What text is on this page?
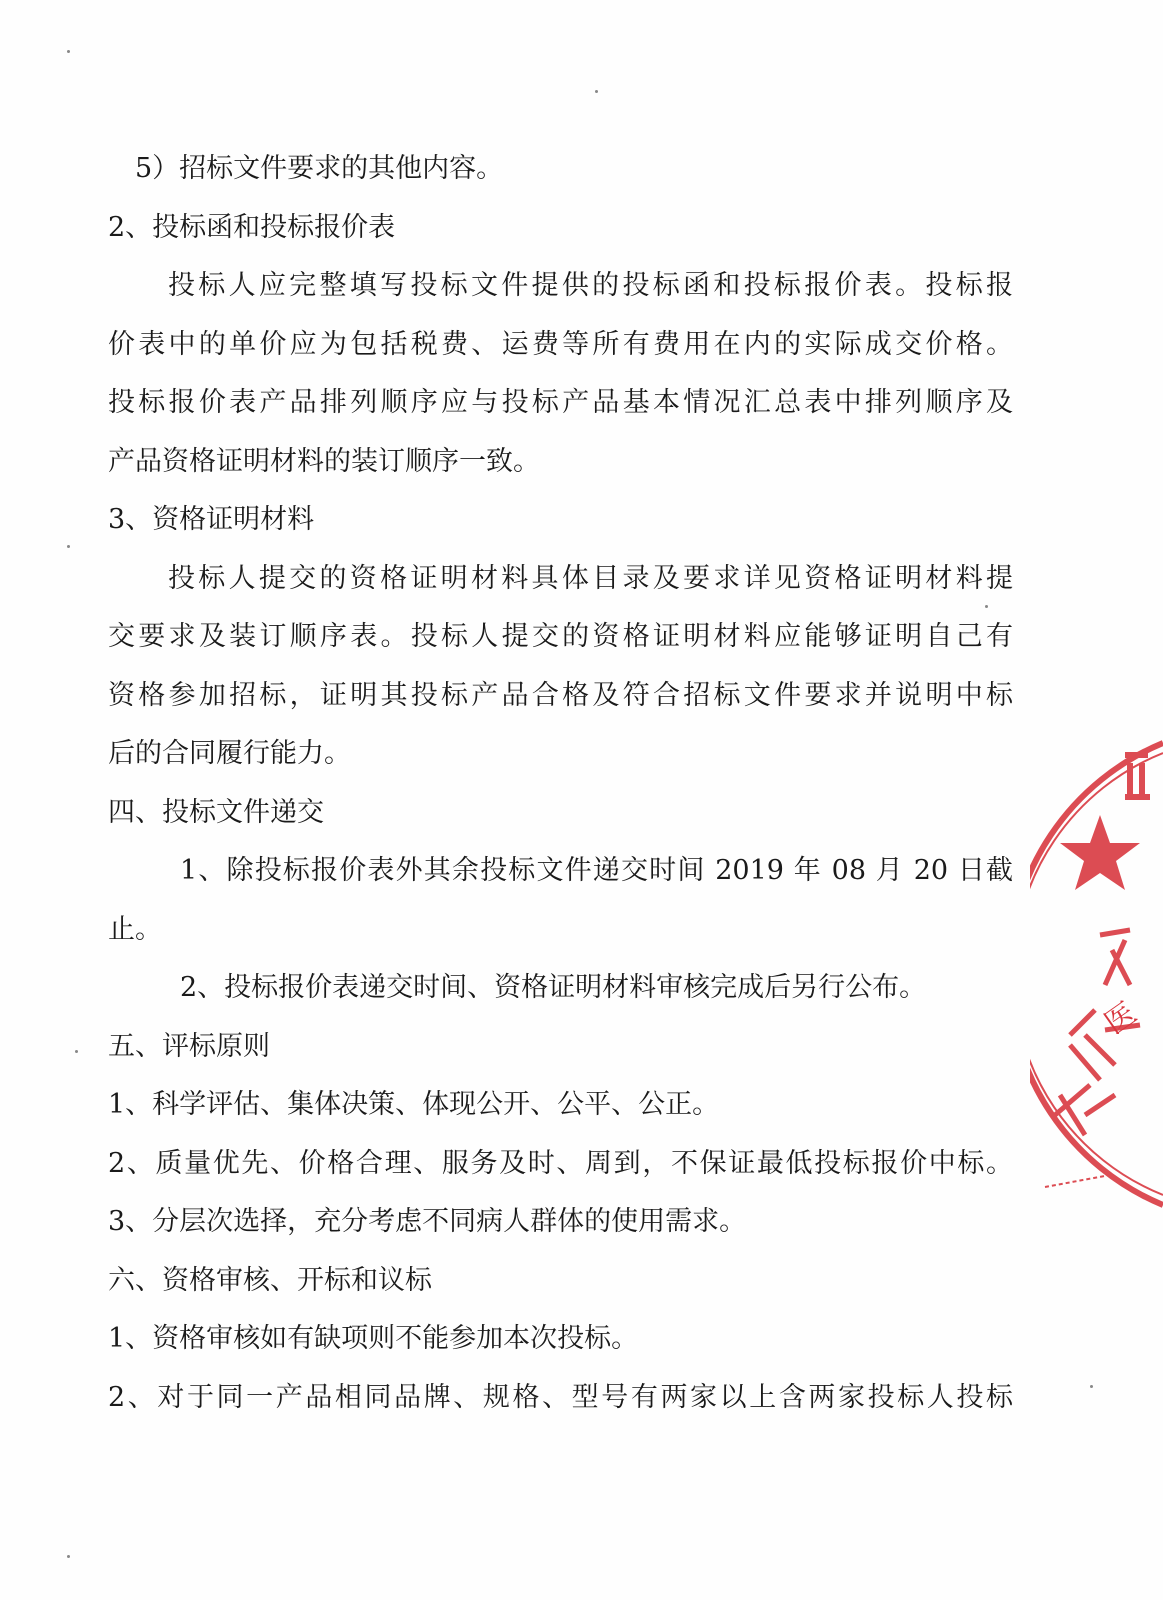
5）招标文件要求的其他内容。
2、投标函和投标报价表
投标人应完整填写投标文件提供的投标函和投标报价表。投标报
价表中的单价应为包括税费、运费等所有费用在内的实际成交价格。
投标报价表产品排列顺序应与投标产品基本情况汇总表中排列顺序及
产品资格证明材料的装订顺序一致。
3、资格证明材料
投标人提交的资格证明材料具体目录及要求详见资格证明材料提
交要求及装订顺序表。投标人提交的资格证明材料应能够证明自己有
资格参加招标，证明其投标产品合格及符合招标文件要求并说明中标
后的合同履行能力。
四、投标文件递交
1、除投标报价表外其余投标文件递交时间 2019 年 08 月 20 日截
止。
2、投标报价表递交时间、资格证明材料审核完成后另行公布。
五、评标原则
1、科学评估、集体决策、体现公开、公平、公正。
2、质量优先、价格合理、服务及时、周到，不保证最低投标报价中标。
3、分层次选择，充分考虑不同病人群体的使用需求。
六、资格审核、开标和议标
1、资格审核如有缺项则不能参加本次投标。
2、对于同一产品相同品牌、规格、型号有两家以上含两家投标人投标
医
